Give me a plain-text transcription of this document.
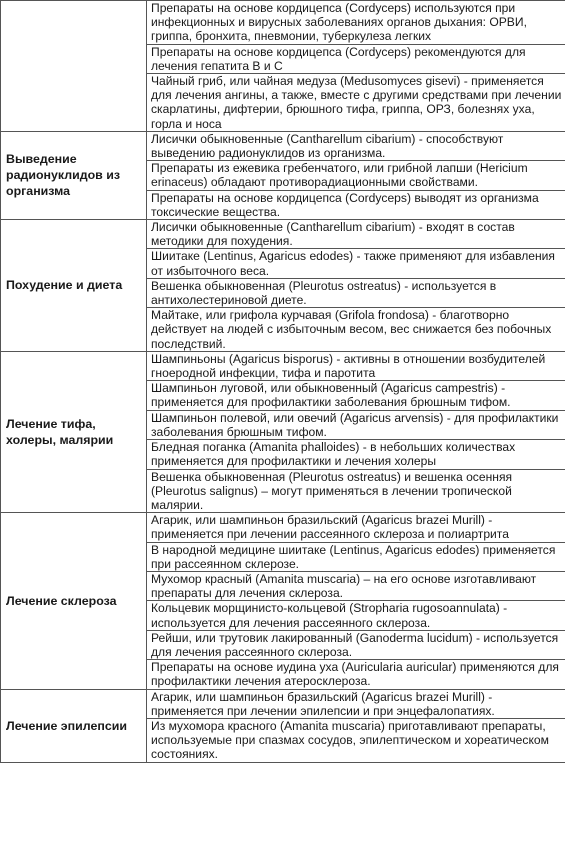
	Препараты на основе кордицепса (Cordyceps) используются при инфекционных и вирусных заболеваниях органов дыхания: ОРВИ, гриппа, бронхита, пневмонии, туберкулеза легких
	Препараты на основе кордицепса (Cordyceps) рекомендуются для лечения гепатита В и С
	Чайный гриб, или чайная медуза (Medusomyces gisevi) - применяется для лечения ангины, а также, вместе с другими средствами при лечении скарлатины, дифтерии, брюшного тифа, гриппа, ОРЗ, болезнях уха, горла и носа
Выведение радионуклидов из организма	Лисички обыкновенные (Cantharellum cibarium) - способствуют выведению радионуклидов из организма.
	Препараты из ежевика гребенчатого, или грибной лапши (Hericium erinaceus) обладают противорадиационными свойствами.
	Препараты на основе кордицепса (Cordyceps) выводят из организма токсические вещества.
Похудение и диета	Лисички обыкновенные (Cantharellum cibarium) - входят в состав методики для похудения.
	Шиитаке (Lentinus, Agaricus edodes) - также применяют для избавления от избыточного веса.
	Вешенка обыкновенная (Pleurotus ostreatus) - используется в антихолестериновой диете.
	Майтаке, или грифола курчавая (Grifola frondosa) - благотворно действует на людей с избыточным весом, вес снижается без побочных последствий.
Лечение тифа, холеры, малярии	Шампиньоны (Agaricus bisporus) - активны в отношении возбудителей гноеродной инфекции, тифа и паротита
	Шампиньон луговой, или обыкновенный (Agaricus campestris) - применяется для профилактики заболевания брюшным тифом.
	Шампиньон полевой, или овечий (Agaricus arvensis) - для профилактики заболевания брюшным тифом.
	Бледная поганка (Amanita phalloides) - в небольших количествах применяется для профилактики и лечения холеры
	Вешенка обыкновенная (Pleurotus ostreatus) и вешенка осенняя (Pleurotus salignus) – могут применяться в лечении тропической малярии.
Лечение склероза	Агарик, или шампиньон бразильский (Agaricus brazei Murill) - применяется при лечении рассеянного склероза и полиартрита
	В народной медицине шиитаке (Lentinus, Agaricus edodes) применяется при рассеянном склерозе.
	Мухомор красный (Amanita muscaria) – на его основе изготавливают препараты для лечения склероза.
	Кольцевик морщинисто-кольцевой (Stropharia rugosoannulata) - используется для лечения рассеянного склероза.
	Рейши, или трутовик лакированный (Ganoderma lucidum) - используется для лечения рассеянного склероза.
	Препараты на основе иудина уха (Auricularia auricular) применяются для профилактики лечения атеросклероза.
Лечение эпилепсии	Агарик, или шампиньон бразильский (Agaricus brazei Murill) - применяется при лечении эпилепсии и при энцефалопатиях.
	Из мухомора красного (Amanita muscaria) приготавливают препараты, используемые при спазмах сосудов, эпилептическом и хореатическом состояниях.
